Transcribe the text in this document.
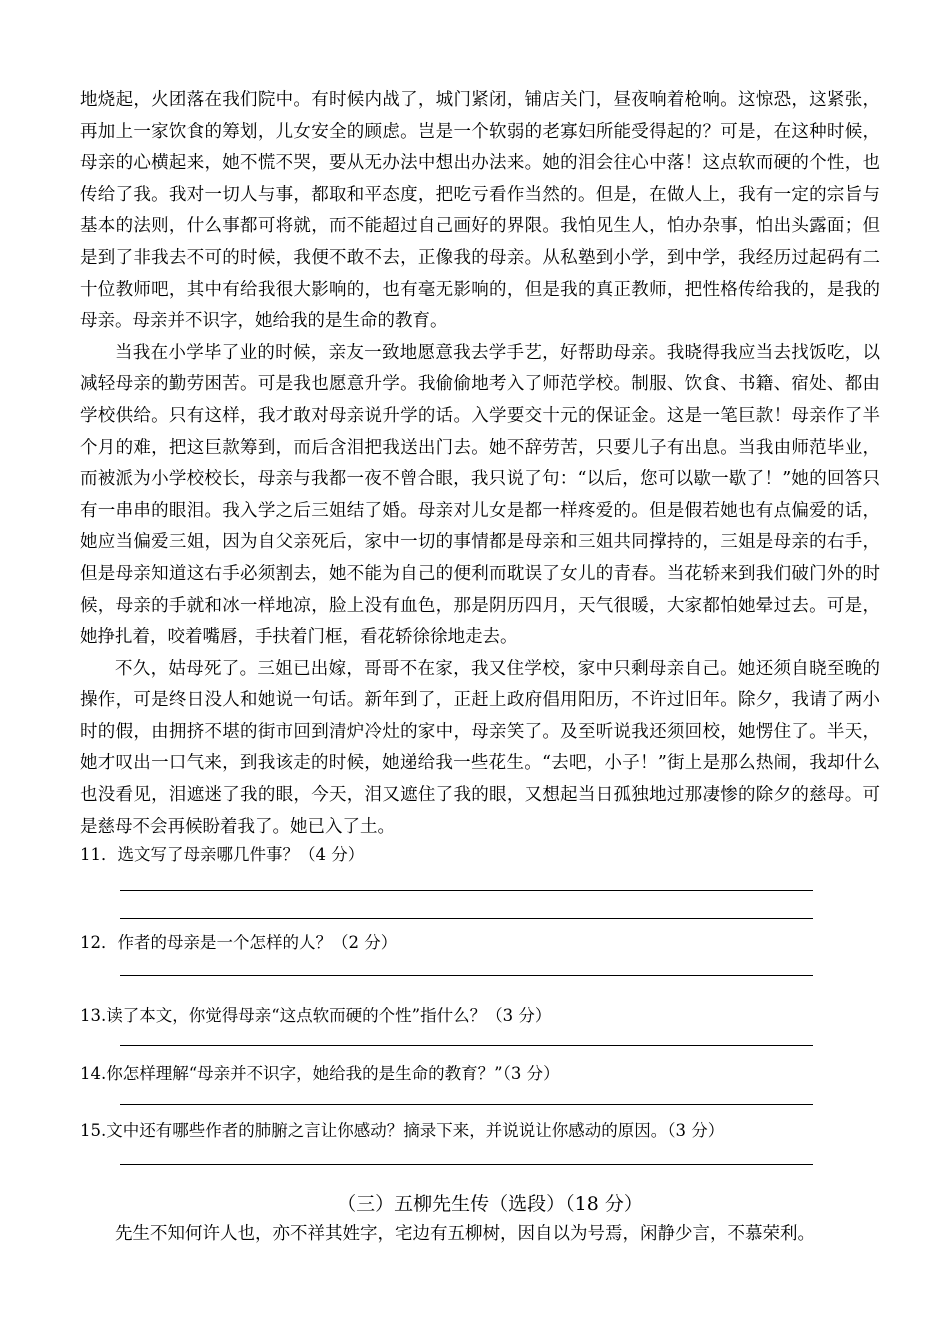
地烧起，火团落在我们院中。有时候内战了，城门紧闭，铺店关门，昼夜响着枪响。这惊恐，这紧张，再加上一家饮食的筹划，儿女安全的顾虑。岂是一个软弱的老寡妇所能受得起的？可是，在这种时候，母亲的心横起来，她不慌不哭，要从无办法中想出办法来。她的泪会往心中落！这点软而硬的个性，也传给了我。我对一切人与事，都取和平态度，把吃亏看作当然的。但是，在做人上，我有一定的宗旨与基本的法则，什么事都可将就，而不能超过自己画好的界限。我怕见生人，怕办杂事，怕出头露面；但是到了非我去不可的时候，我便不敢不去，正像我的母亲。从私塾到小学，到中学，我经历过起码有二十位教师吧，其中有给我很大影响的，也有毫无影响的，但是我的真正教师，把性格传给我的，是我的母亲。母亲并不识字，她给我的是生命的教育。

当我在小学毕了业的时候，亲友一致地愿意我去学手艺，好帮助母亲。我晓得我应当去找饭吃，以减轻母亲的勤劳困苦。可是我也愿意升学。我偷偷地考入了师范学校。制服、饮食、书籍、宿处、都由学校供给。只有这样，我才敢对母亲说升学的话。入学要交十元的保证金。这是一笔巨款！母亲作了半个月的难，把这巨款筹到，而后含泪把我送出门去。她不辞劳苦，只要儿子有出息。当我由师范毕业，而被派为小学校校长，母亲与我都一夜不曾合眼，我只说了句：“以后，您可以歇一歇了！”她的回答只有一串串的眼泪。我入学之后三姐结了婚。母亲对儿女是都一样疼爱的。但是假若她也有点偏爱的话，她应当偏爱三姐，因为自父亲死后，家中一切的事情都是母亲和三姐共同撑持的，三姐是母亲的右手，但是母亲知道这右手必须割去，她不能为自己的便利而耽误了女儿的青春。当花轿来到我们破门外的时候，母亲的手就和冰一样地凉，脸上没有血色，那是阴历四月，天气很暖，大家都怕她晕过去。可是，她挣扎着，咬着嘴唇，手扶着门框，看花轿徐徐地走去。

不久，姑母死了。三姐已出嫁，哥哥不在家，我又住学校，家中只剩母亲自己。她还须自晓至晚的操作，可是终日没人和她说一句话。新年到了，正赶上政府倡用阳历，不许过旧年。除夕，我请了两小时的假，由拥挤不堪的街市回到清炉冷灶的家中，母亲笑了。及至听说我还须回校，她愣住了。半天，她才叹出一口气来，到我该走的时候，她递给我一些花生。“去吧，小子！”街上是那么热闹，我却什么也没看见，泪遮迷了我的眼，今天，泪又遮住了我的眼，又想起当日孤独地过那凄惨的除夕的慈母。可是慈母不会再候盼着我了。她已入了土。

11．选文写了母亲哪几件事？（4 分）

12．作者的母亲是一个怎样的人？（2 分）

13.读了本文，你觉得母亲“这点软而硬的个性”指什么？（3 分）

14.你怎样理解“母亲并不识字，她给我的是生命的教育？”（3 分）

15.文中还有哪些作者的肺腑之言让你感动？摘录下来，并说说让你感动的原因。（3 分）

（三）五柳先生传（选段）（18 分）

先生不知何许人也，亦不祥其姓字，宅边有五柳树，因自以为号焉，闲静少言，不慕荣利。
